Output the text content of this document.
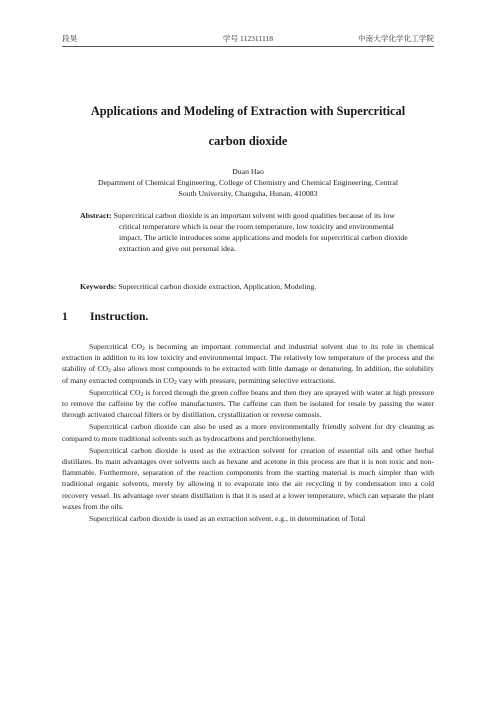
段昊	学号 112311118	中南大学化学化工学院
Applications and Modeling of Extraction with Supercritical
carbon dioxide
Duan Hao
Department of Chemical Engineering, College of Chemistry and Chemical Engineering, Central
South University, Changsha, Hunan, 410083
Abstract: Supercritical carbon dioxide is an important solvent with good qualities because of its low critical temperature which is near the room temperature, low toxicity and environmental impact. The article introduces some applications and models for supercritical carbon dioxide extraction and give out personal idea.
Keywords: Supercritical carbon dioxide extraction, Application, Modeling.
1 Instruction.

Supercritical $CO_2$ is becoming an important commercial and industrial solvent due to its role in chemical extraction in addition to its low toxicity and environmental impact. The relatively low temperature of the process and the stability of $CO_2$ also allows most compounds to be extracted with little damage or denaturing. In addition, the solubility of many extracted compounds in $CO_2$ vary with pressure, permitting selective extractions.

Supercritical $CO_2$ is forced through the green coffee beans and then they are sprayed with water at high pressure to remove the caffeine by the coffee manufacturers. The caffeine can then be isolated for resale by passing the water through activated charcoal filters or by distillation, crystallization or reverse osmosis.

Supercritical carbon dioxide can also be used as a more environmentally friendly solvent for dry cleaning as compared to more traditional solvents such as hydrocarbons and perchloroethylene.

Supercritical carbon dioxide is used as the extraction solvent for creation of essential oils and other herbal distillates. Its main advantages over solvents such as hexane and acetone in this process are that it is non toxic and non-flammable. Furthermore, separation of the reaction components from the starting material is much simpler than with traditional organic solvents, merely by allowing it to evaporate into the air recycling it by condensation into a cold recovery vessel. Its advantage over steam distillation is that it is used at a lower temperature, which can separate the plant waxes from the oils.

Supercritical carbon dioxide is used as an extraction solvent, e.g., in determination of Total
